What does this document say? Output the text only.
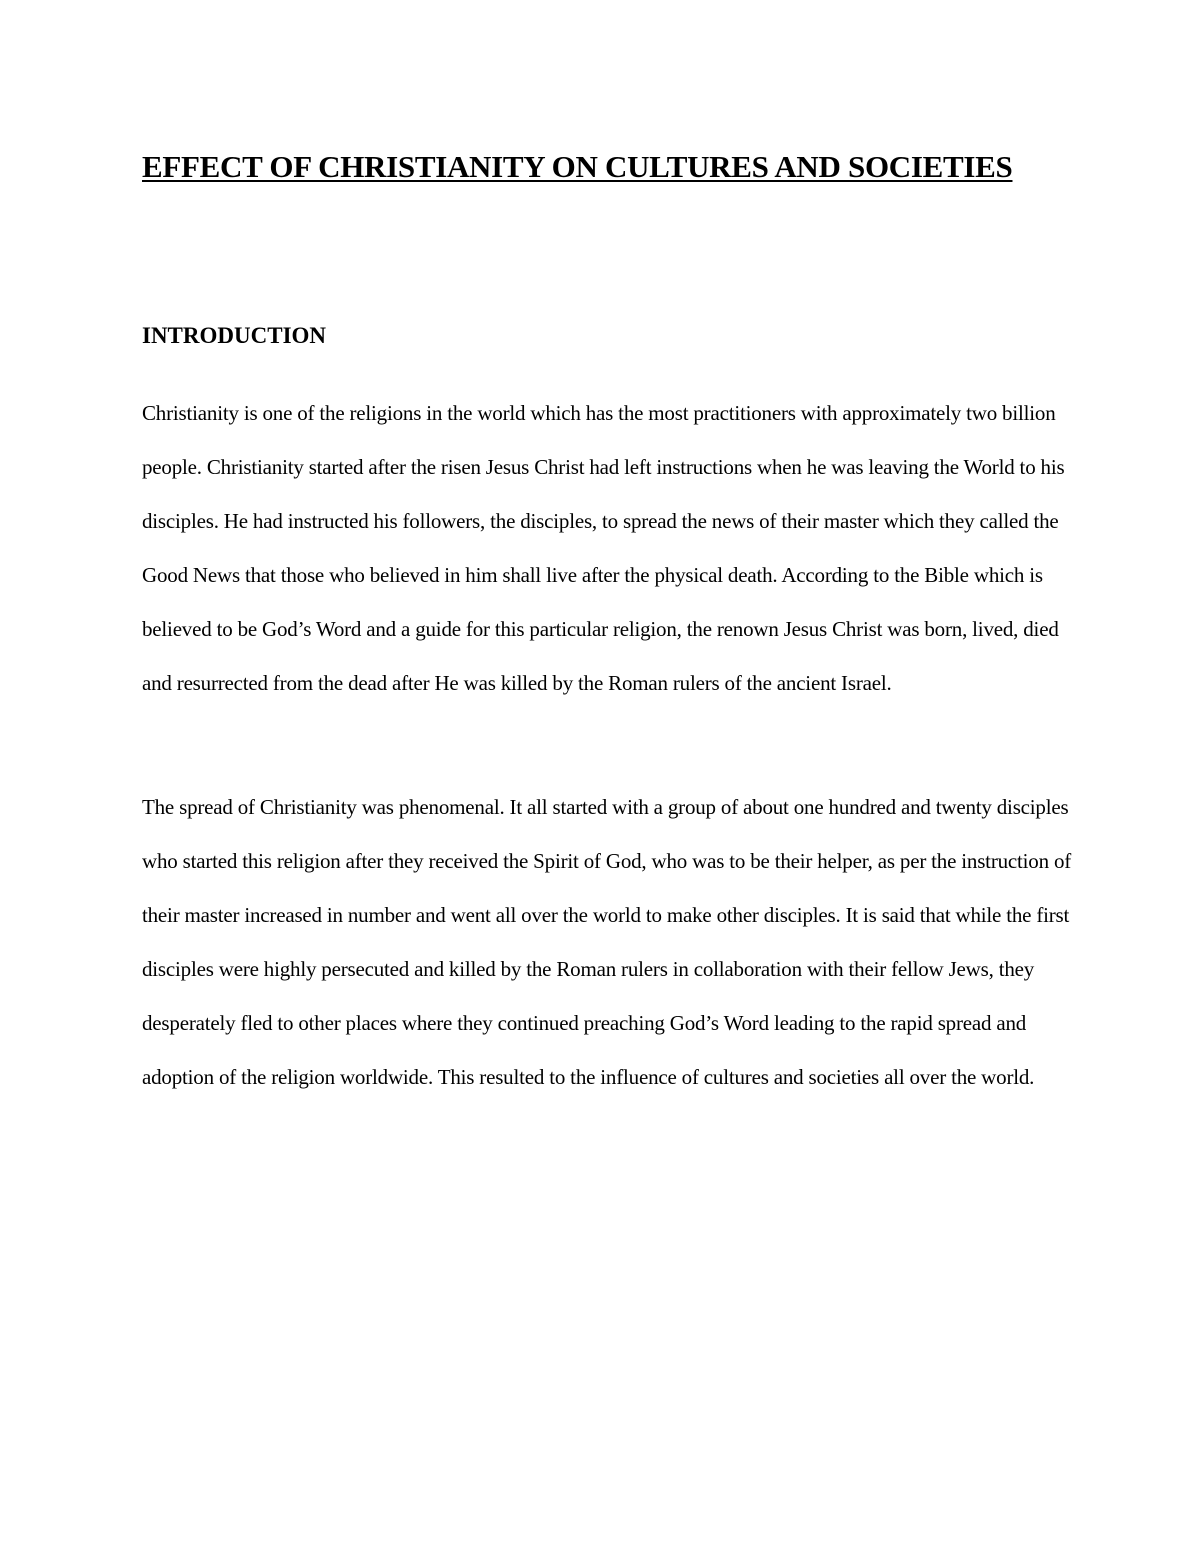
EFFECT OF CHRISTIANITY ON CULTURES AND SOCIETIES
INTRODUCTION

Christianity is one of the religions in the world which has the most practitioners with approximately two billion people. Christianity started after the risen Jesus Christ had left instructions when he was leaving the World to his disciples. He had instructed his followers, the disciples, to spread the news of their master which they called the Good News that those who believed in him shall live after the physical death. According to the Bible which is believed to be God’s Word and a guide for this particular religion, the renown Jesus Christ was born, lived, died and resurrected from the dead after He was killed by the Roman rulers of the ancient Israel.

The spread of Christianity was phenomenal. It all started with a group of about one hundred and twenty disciples who started this religion after they received the Spirit of God, who was to be their helper, as per the instruction of their master increased in number and went all over the world to make other disciples. It is said that while the first disciples were highly persecuted and killed by the Roman rulers in collaboration with their fellow Jews, they desperately fled to other places where they continued preaching God’s Word leading to the rapid spread and adoption of the religion worldwide. This resulted to the influence of cultures and societies all over the world.
